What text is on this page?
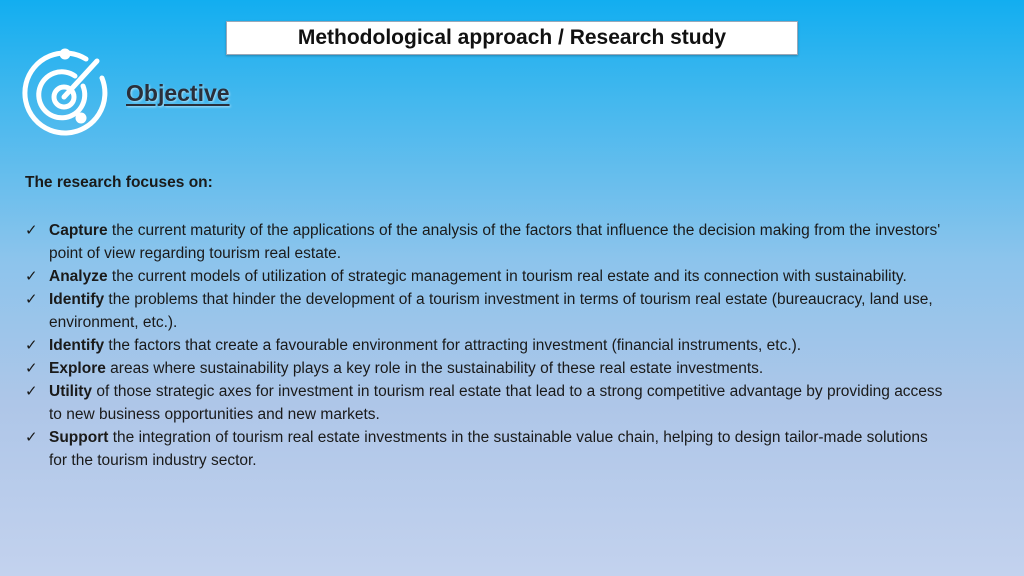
Methodological approach / Research study
Objective
The research focuses on:
✓ Capture the current maturity of the applications of the analysis of the factors that influence the decision making from the investors' point of view regarding tourism real estate.
✓ Analyze the current models of utilization of strategic management in tourism real estate and its connection with sustainability.
✓ Identify the problems that hinder the development of a tourism investment in terms of tourism real estate (bureaucracy, land use, environment, etc.).
✓ Identify the factors that create a favourable environment for attracting investment (financial instruments, etc.).
✓ Explore areas where sustainability plays a key role in the sustainability of these real estate investments.
✓ Utility of those strategic axes for investment in tourism real estate that lead to a strong competitive advantage by providing access to new business opportunities and new markets.
✓ Support the integration of tourism real estate investments in the sustainable value chain, helping to design tailor-made solutions for the tourism industry sector.
